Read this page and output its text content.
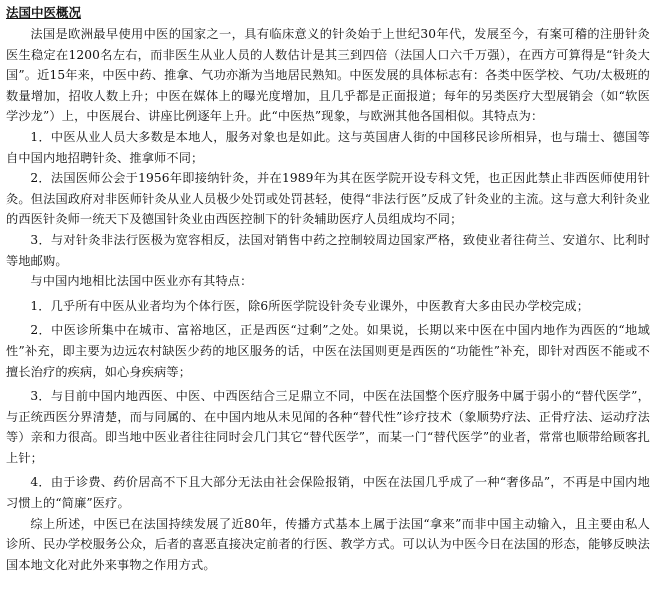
法国中医概况

法国是欧洲最早使用中医的国家之一，具有临床意义的针灸始于上世纪30年代，发展至今，有案可稽的注册针灸医生稳定在1200名左右，而非医生从业人员的人数估计是其三到四倍（法国人口六千万强），在西方可算得是“针灸大国”。近15年来，中医中药、推拿、气功亦渐为当地居民熟知。中医发展的具体标志有：各类中医学校、气功/太极班的数量增加，招收人数上升；中医在媒体上的曝光度增加，且几乎都是正面报道；每年的另类医疗大型展销会（如“软医学沙龙”）上，中医展台、讲座比例逐年上升。此“中医热”现象，与欧洲其他各国相似。其特点为：

1．中医从业人员大多数是本地人，服务对象也是如此。这与英国唐人街的中国移民诊所相异，也与瑞士、德国等自中国内地招聘针灸、推拿师不同；

2．法国医师公会于1956年即接纳针灸，并在1989年为其在医学院开设专科文凭，也正因此禁止非西医师使用针灸。但法国政府对非医师针灸从业人员极少处罚或处罚甚轻，使得“非法行医”反成了针灸业的主流。这与意大利针灸业的西医针灸师一统天下及德国针灸业由西医控制下的针灸辅助医疗人员组成均不同；

3．与对针灸非法行医极为宽容相反，法国对销售中药之控制较周边国家严格，致使业者往荷兰、安道尔、比利时等地邮购。

与中国内地相比法国中医业亦有其特点：

1．几乎所有中医从业者均为个体行医，除6所医学院设针灸专业课外，中医教育大多由民办学校完成；

2．中医诊所集中在城市、富裕地区，正是西医“过剩”之处。如果说，长期以来中医在中国内地作为西医的“地域性”补充，即主要为边远农村缺医少药的地区服务的话，中医在法国则更是西医的“功能性”补充，即针对西医不能或不擅长治疗的疾病，如心身疾病等；

3．与目前中国内地西医、中医、中西医结合三足鼎立不同，中医在法国整个医疗服务中属于弱小的“替代医学”，与正统西医分界清楚，而与同属的、在中国内地从未见闻的各种“替代性”诊疗技术（象顺势疗法、正骨疗法、运动疗法等）亲和力很高。即当地中医业者往往同时会几门其它“替代医学”，而某一门“替代医学”的业者，常常也顺带给顾客扎上针；

4．由于诊费、药价居高不下且大部分无法由社会保险报销，中医在法国几乎成了一种“奢侈品”，不再是中国内地习惯上的“简廉”医疗。

综上所述，中医已在法国持续发展了近80年，传播方式基本上属于法国“拿来”而非中国主动输入，且主要由私人诊所、民办学校服务公众，后者的喜恶直接决定前者的行医、教学方式。可以认为中医今日在法国的形态，能够反映法国本地文化对此外来事物之作用方式。
